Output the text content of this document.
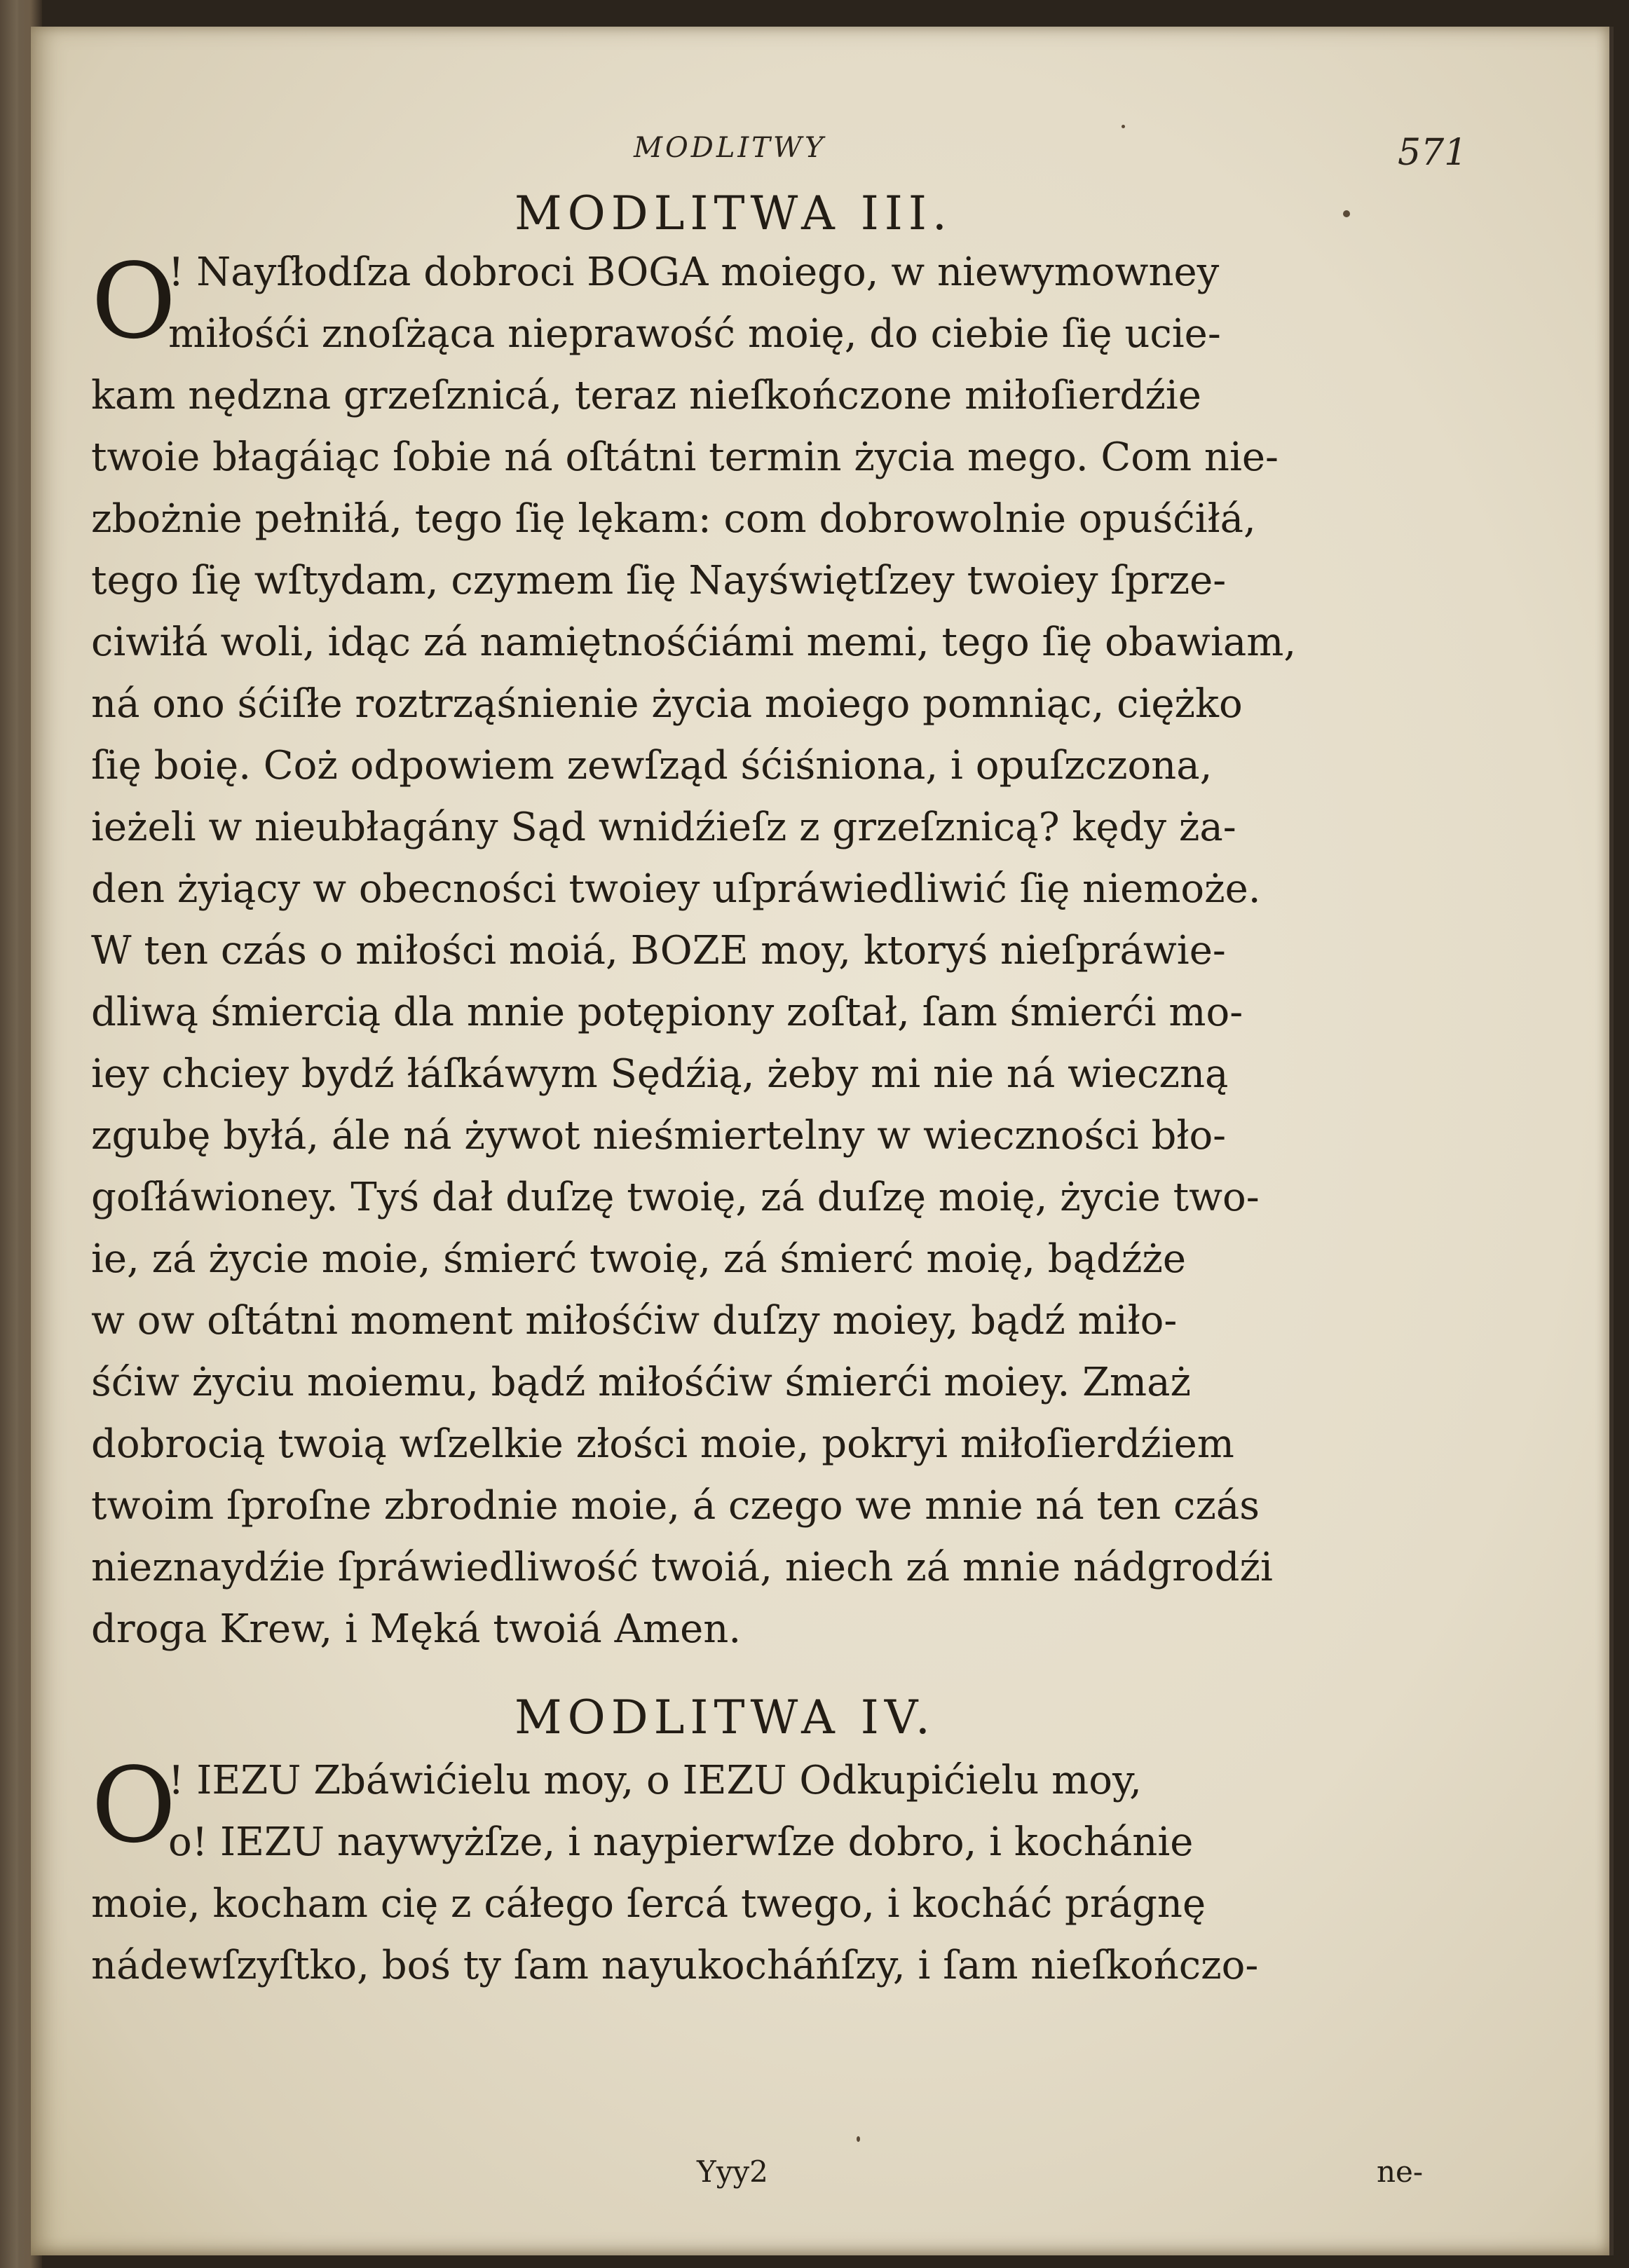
MODLITWY	571
MODLITWA III.
O
! Nayſłodſza dobroci BOGA moiego, w niewymowney
miłośći znoſżąca nieprawość moię, do ciebie ſię ucie-
kam nędzna grzeſznicá, teraz nieſkończone miłoſierdźie
twoie błagáiąc ſobie ná oſtátni termin życia mego. Com nie-
zbożnie pełniłá, tego ſię lękam: com dobrowolnie opuśćiłá,
tego ſię wſtydam, czymem ſię Nayświętſzey twoiey ſprze-
ciwiłá woli, idąc zá namiętnośćiámi memi, tego ſię obawiam,
ná ono śćiſłe roztrząśnienie życia moiego pomniąc, ciężko
ſię boię. Coż odpowiem zewſząd śćiśniona, i opuſzczona,
ieżeli w nieubłagány Sąd wnidźieſz z grzeſznicą? kędy ża-
den żyiący w obecności twoiey uſpráwiedliwić ſię niemoże.
W ten czás o miłości moiá, BOZE moy, ktoryś nieſpráwie-
dliwą śmiercią dla mnie potępiony zoſtał, ſam śmierći mo-
iey chciey bydź łáſkáwym Sędźią, żeby mi nie ná wieczną
zgubę byłá, ále ná żywot nieśmiertelny w wieczności bło-
goſłáwioney. Tyś dał duſzę twoię, zá duſzę moię, życie two-
ie, zá życie moie, śmierć twoię, zá śmierć moię, bądźże
w ow oſtátni moment miłośćiw duſzy moiey, bądź miło-
śćiw życiu moiemu, bądź miłośćiw śmierći moiey. Zmaż
dobrocią twoią wſzelkie złości moie, pokryi miłoſierdźiem
twoim ſproſne zbrodnie moie, á czego we mnie ná ten czás
nieznaydźie ſpráwiedliwość twoiá, niech zá mnie nádgrodźi
droga Krew, i Męká twoiá Amen.
MODLITWA IV.
O
! IEZU Zbáwićielu moy, o IEZU Odkupićielu moy,
o! IEZU naywyżſze, i naypierwſze dobro, i kochánie
moie, kocham cię z cáłego ſercá twego, i kocháć prágnę
nádewſzyſtko, boś ty ſam nayukocháńſzy, i ſam nieſkończo-
Yyy2	ne-
